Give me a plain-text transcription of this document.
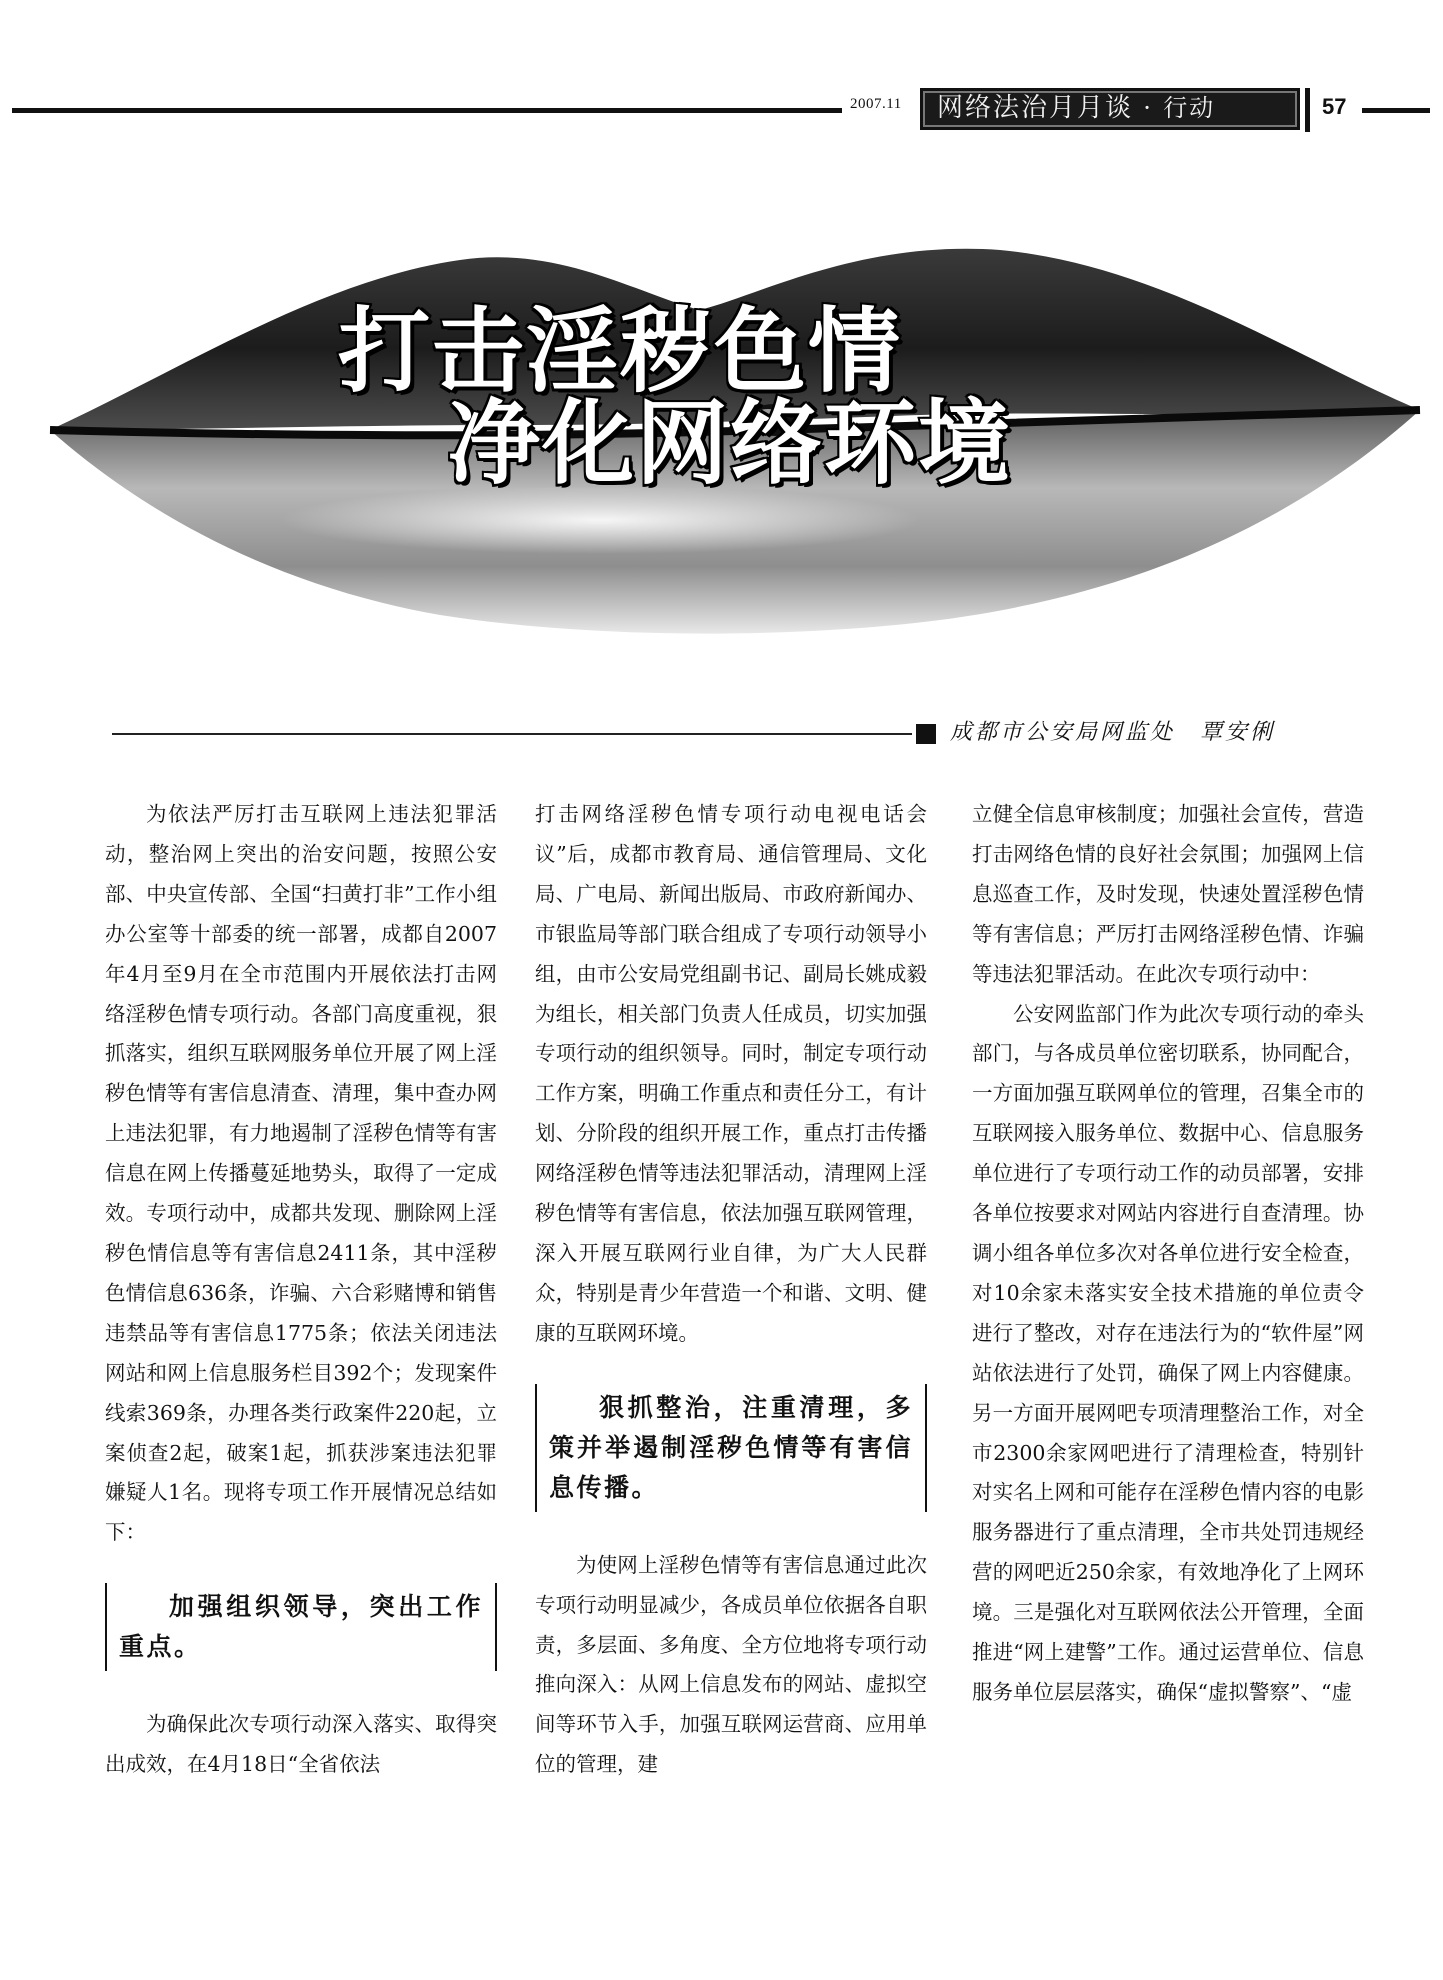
2007.11	网络法治月月谈 · 行动	57
打击淫秽色情
净化网络环境
成都市公安局网监处　覃安俐

为依法严厉打击互联网上违法犯罪活动，整治网上突出的治安问题，按照公安部、中央宣传部、全国“扫黄打非”工作小组办公室等十部委的统一部署，成都自2007年4月至9月在全市范围内开展依法打击网络淫秽色情专项行动。各部门高度重视，狠抓落实，组织互联网服务单位开展了网上淫秽色情等有害信息清查、清理，集中查办网上违法犯罪，有力地遏制了淫秽色情等有害信息在网上传播蔓延地势头，取得了一定成效。专项行动中，成都共发现、删除网上淫秽色情信息等有害信息2411条，其中淫秽色情信息636条，诈骗、六合彩赌博和销售违禁品等有害信息1775条；依法关闭违法网站和网上信息服务栏目392个；发现案件线索369条，办理各类行政案件220起，立案侦查2起，破案1起，抓获涉案违法犯罪嫌疑人1名。现将专项工作开展情况总结如下：

加强组织领导，突出工作重点。

为确保此次专项行动深入落实、取得突出成效，在4月18日“全省依法

打击网络淫秽色情专项行动电视电话会议”后，成都市教育局、通信管理局、文化局、广电局、新闻出版局、市政府新闻办、市银监局等部门联合组成了专项行动领导小组，由市公安局党组副书记、副局长姚成毅为组长，相关部门负责人任成员，切实加强专项行动的组织领导。同时，制定专项行动工作方案，明确工作重点和责任分工，有计划、分阶段的组织开展工作，重点打击传播网络淫秽色情等违法犯罪活动，清理网上淫秽色情等有害信息，依法加强互联网管理，深入开展互联网行业自律，为广大人民群众，特别是青少年营造一个和谐、文明、健康的互联网环境。

狠抓整治，注重清理，多策并举遏制淫秽色情等有害信息传播。

为使网上淫秽色情等有害信息通过此次专项行动明显减少，各成员单位依据各自职责，多层面、多角度、全方位地将专项行动推向深入：从网上信息发布的网站、虚拟空间等环节入手，加强互联网运营商、应用单位的管理，建

立健全信息审核制度；加强社会宣传，营造打击网络色情的良好社会氛围；加强网上信息巡查工作，及时发现，快速处置淫秽色情等有害信息；严厉打击网络淫秽色情、诈骗等违法犯罪活动。在此次专项行动中：

公安网监部门作为此次专项行动的牵头部门，与各成员单位密切联系，协同配合，一方面加强互联网单位的管理，召集全市的互联网接入服务单位、数据中心、信息服务单位进行了专项行动工作的动员部署，安排各单位按要求对网站内容进行自查清理。协调小组各单位多次对各单位进行安全检查，对10余家未落实安全技术措施的单位责令进行了整改，对存在违法行为的“软件屋”网站依法进行了处罚，确保了网上内容健康。另一方面开展网吧专项清理整治工作，对全市2300余家网吧进行了清理检查，特别针对实名上网和可能存在淫秽色情内容的电影服务器进行了重点清理，全市共处罚违规经营的网吧近250余家，有效地净化了上网环境。三是强化对互联网依法公开管理，全面推进“网上建警”工作。通过运营单位、信息服务单位层层落实，确保“虚拟警察”、“虚
